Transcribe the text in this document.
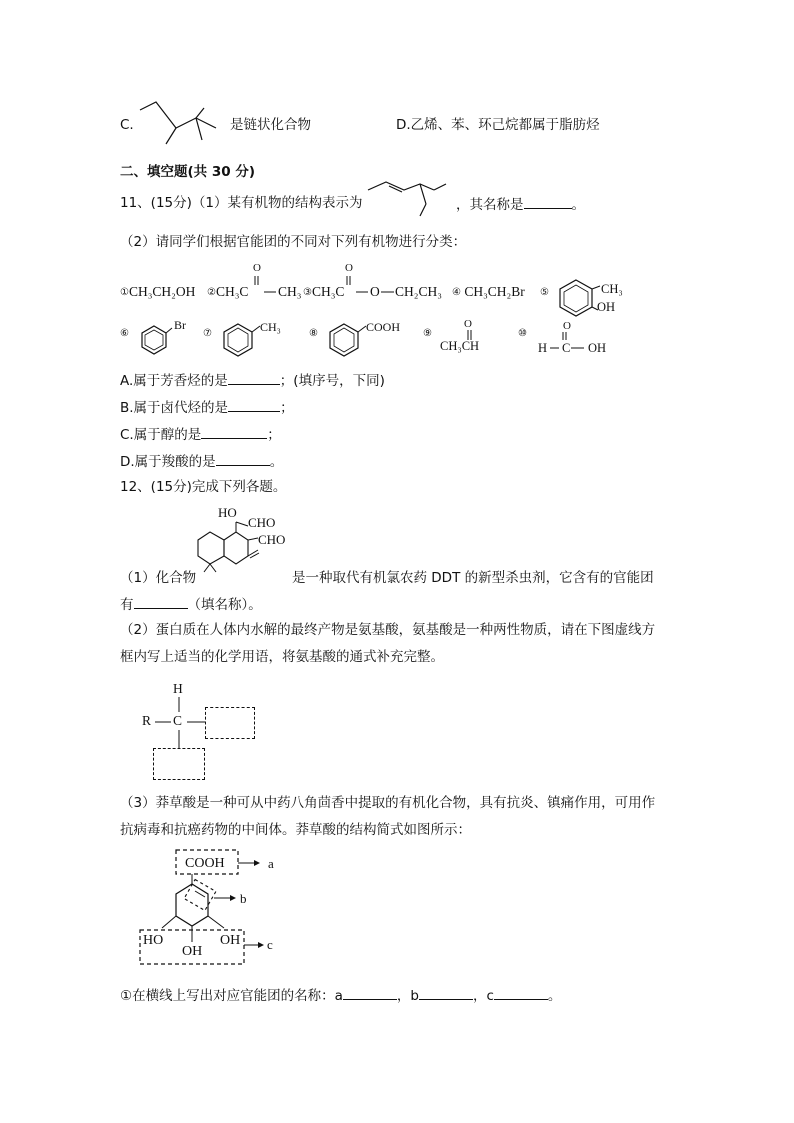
C.	是链状化合物	D.乙烯、苯、环己烷都属于脂肪烃
二、填空题(共 30 分)
11、(15分)（1）某有机物的结构表示为	，其名称是	。
（2）请同学们根据官能团的不同对下列有机物进行分类：
①CH₃CH₂OH ②CH₃C
O
CH₃ ③CH₃C
O
O CH₂CH₃ ④ CH₃CH₂Br ⑤	CH₃
OH
⑥
Br
⑦	CH₃	⑧	COOH ⑨
O
CH₃CH
⑩
O
H C OH
A.属于芳香烃的是	；(填序号，下同)
B.属于卤代烃的是	；
C.属于醇的是	；
D.属于羧酸的是	。
12、(15分)完成下列各题。
HO
CHO
CHO
（1）化合物	是一种取代有机氯农药 DDT 的新型杀虫剂，它含有的官能团
有	（填名称）。
（2）蛋白质在人体内水解的最终产物是氨基酸，氨基酸是一种两性物质，请在下图虚线方
框内写上适当的化学用语，将氨基酸的通式补充完整。
H
C
R
（3）莽草酸是一种可从中药八角茴香中提取的有机化合物，具有抗炎、镇痛作用，可用作
抗病毒和抗癌药物的中间体。莽草酸的结构简式如图所示：
COOH	a
b
HO	OH
OH	c
①在横线上写出对应官能团的名称：a	，b	，c	。
